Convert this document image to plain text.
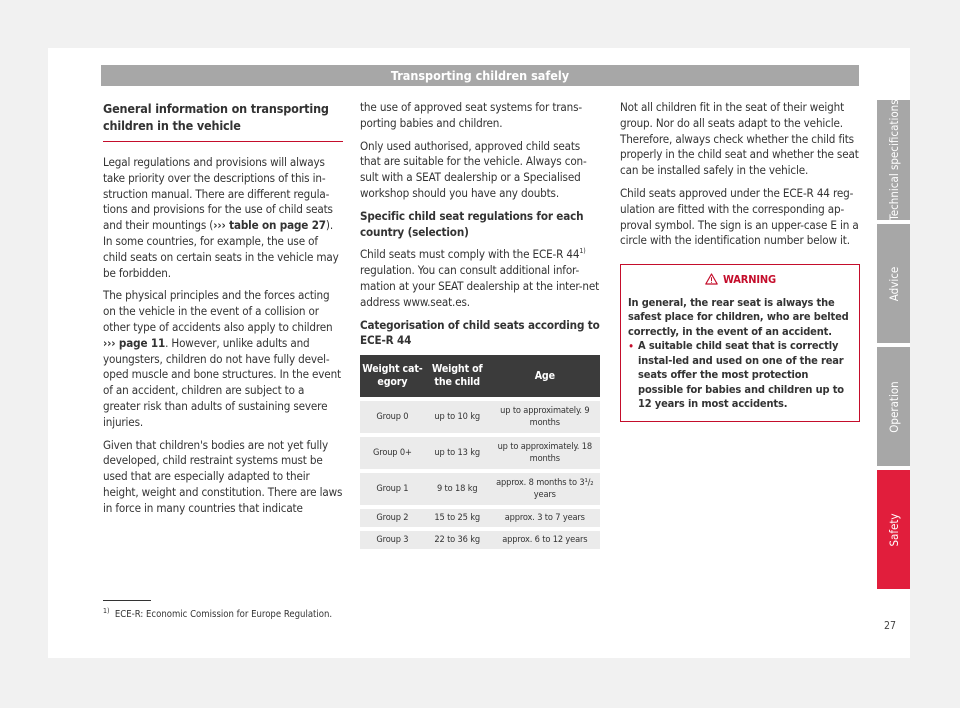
Transporting children safely
General information on transporting children in the vehicle

Legal regulations and provisions will always take priority over the descriptions of this in-struction manual. There are different regula-tions and provisions for the use of child seats and their mountings (››› table on page 27). In some countries, for example, the use of child seats on certain seats in the vehicle may be forbidden.

The physical principles and the forces acting on the vehicle in the event of a collision or other type of accidents also apply to children ››› page 11. However, unlike adults and youngsters, children do not have fully devel-oped muscle and bone structures. In the event of an accident, children are subject to a greater risk than adults of sustaining severe injuries.

Given that children's bodies are not yet fully developed, child restraint systems must be used that are especially adapted to their height, weight and constitution. There are laws in force in many countries that indicate

the use of approved seat systems for trans-porting babies and children.

Only used authorised, approved child seats that are suitable for the vehicle. Always con-sult with a SEAT dealership or a Specialised workshop should you have any doubts.

Specific child seat regulations for each country (selection)

Child seats must comply with the ECE-R 44$^{1)}$ regulation. You can consult additional infor-mation at your SEAT dealership at the inter-net address www.seat.es.

Categorisation of child seats according to ECE-R 44

Weight cat-egory	Weight of the child	Age
Group 0	up to 10 kg	up to approximately. 9 months
Group 0+	up to 13 kg	up to approximately. 18 months
Group 1	9 to 18 kg	approx. 8 months to 3¹/₂ years
Group 2	15 to 25 kg	approx. 3 to 7 years
Group 3	22 to 36 kg	approx. 6 to 12 years

Not all children fit in the seat of their weight group. Nor do all seats adapt to the vehicle. Therefore, always check whether the child fits properly in the child seat and whether the seat can be installed safely in the vehicle.

Child seats approved under the ECE-R 44 reg-ulation are fitted with the corresponding ap-proval symbol. The sign is an upper-case E in a circle with the identification number below it.

WARNING

In general, the rear seat is always the safest place for children, who are belted correctly, in the event of an accident.

• A suitable child seat that is correctly instal-led and used on one of the rear seats offer the most protection possible for babies and children up to 12 years in most accidents.

Technical specifications
Advice
Operation
Safety
$^{1)}$ ECE-R: Economic Comission for Europe Regulation.
27
